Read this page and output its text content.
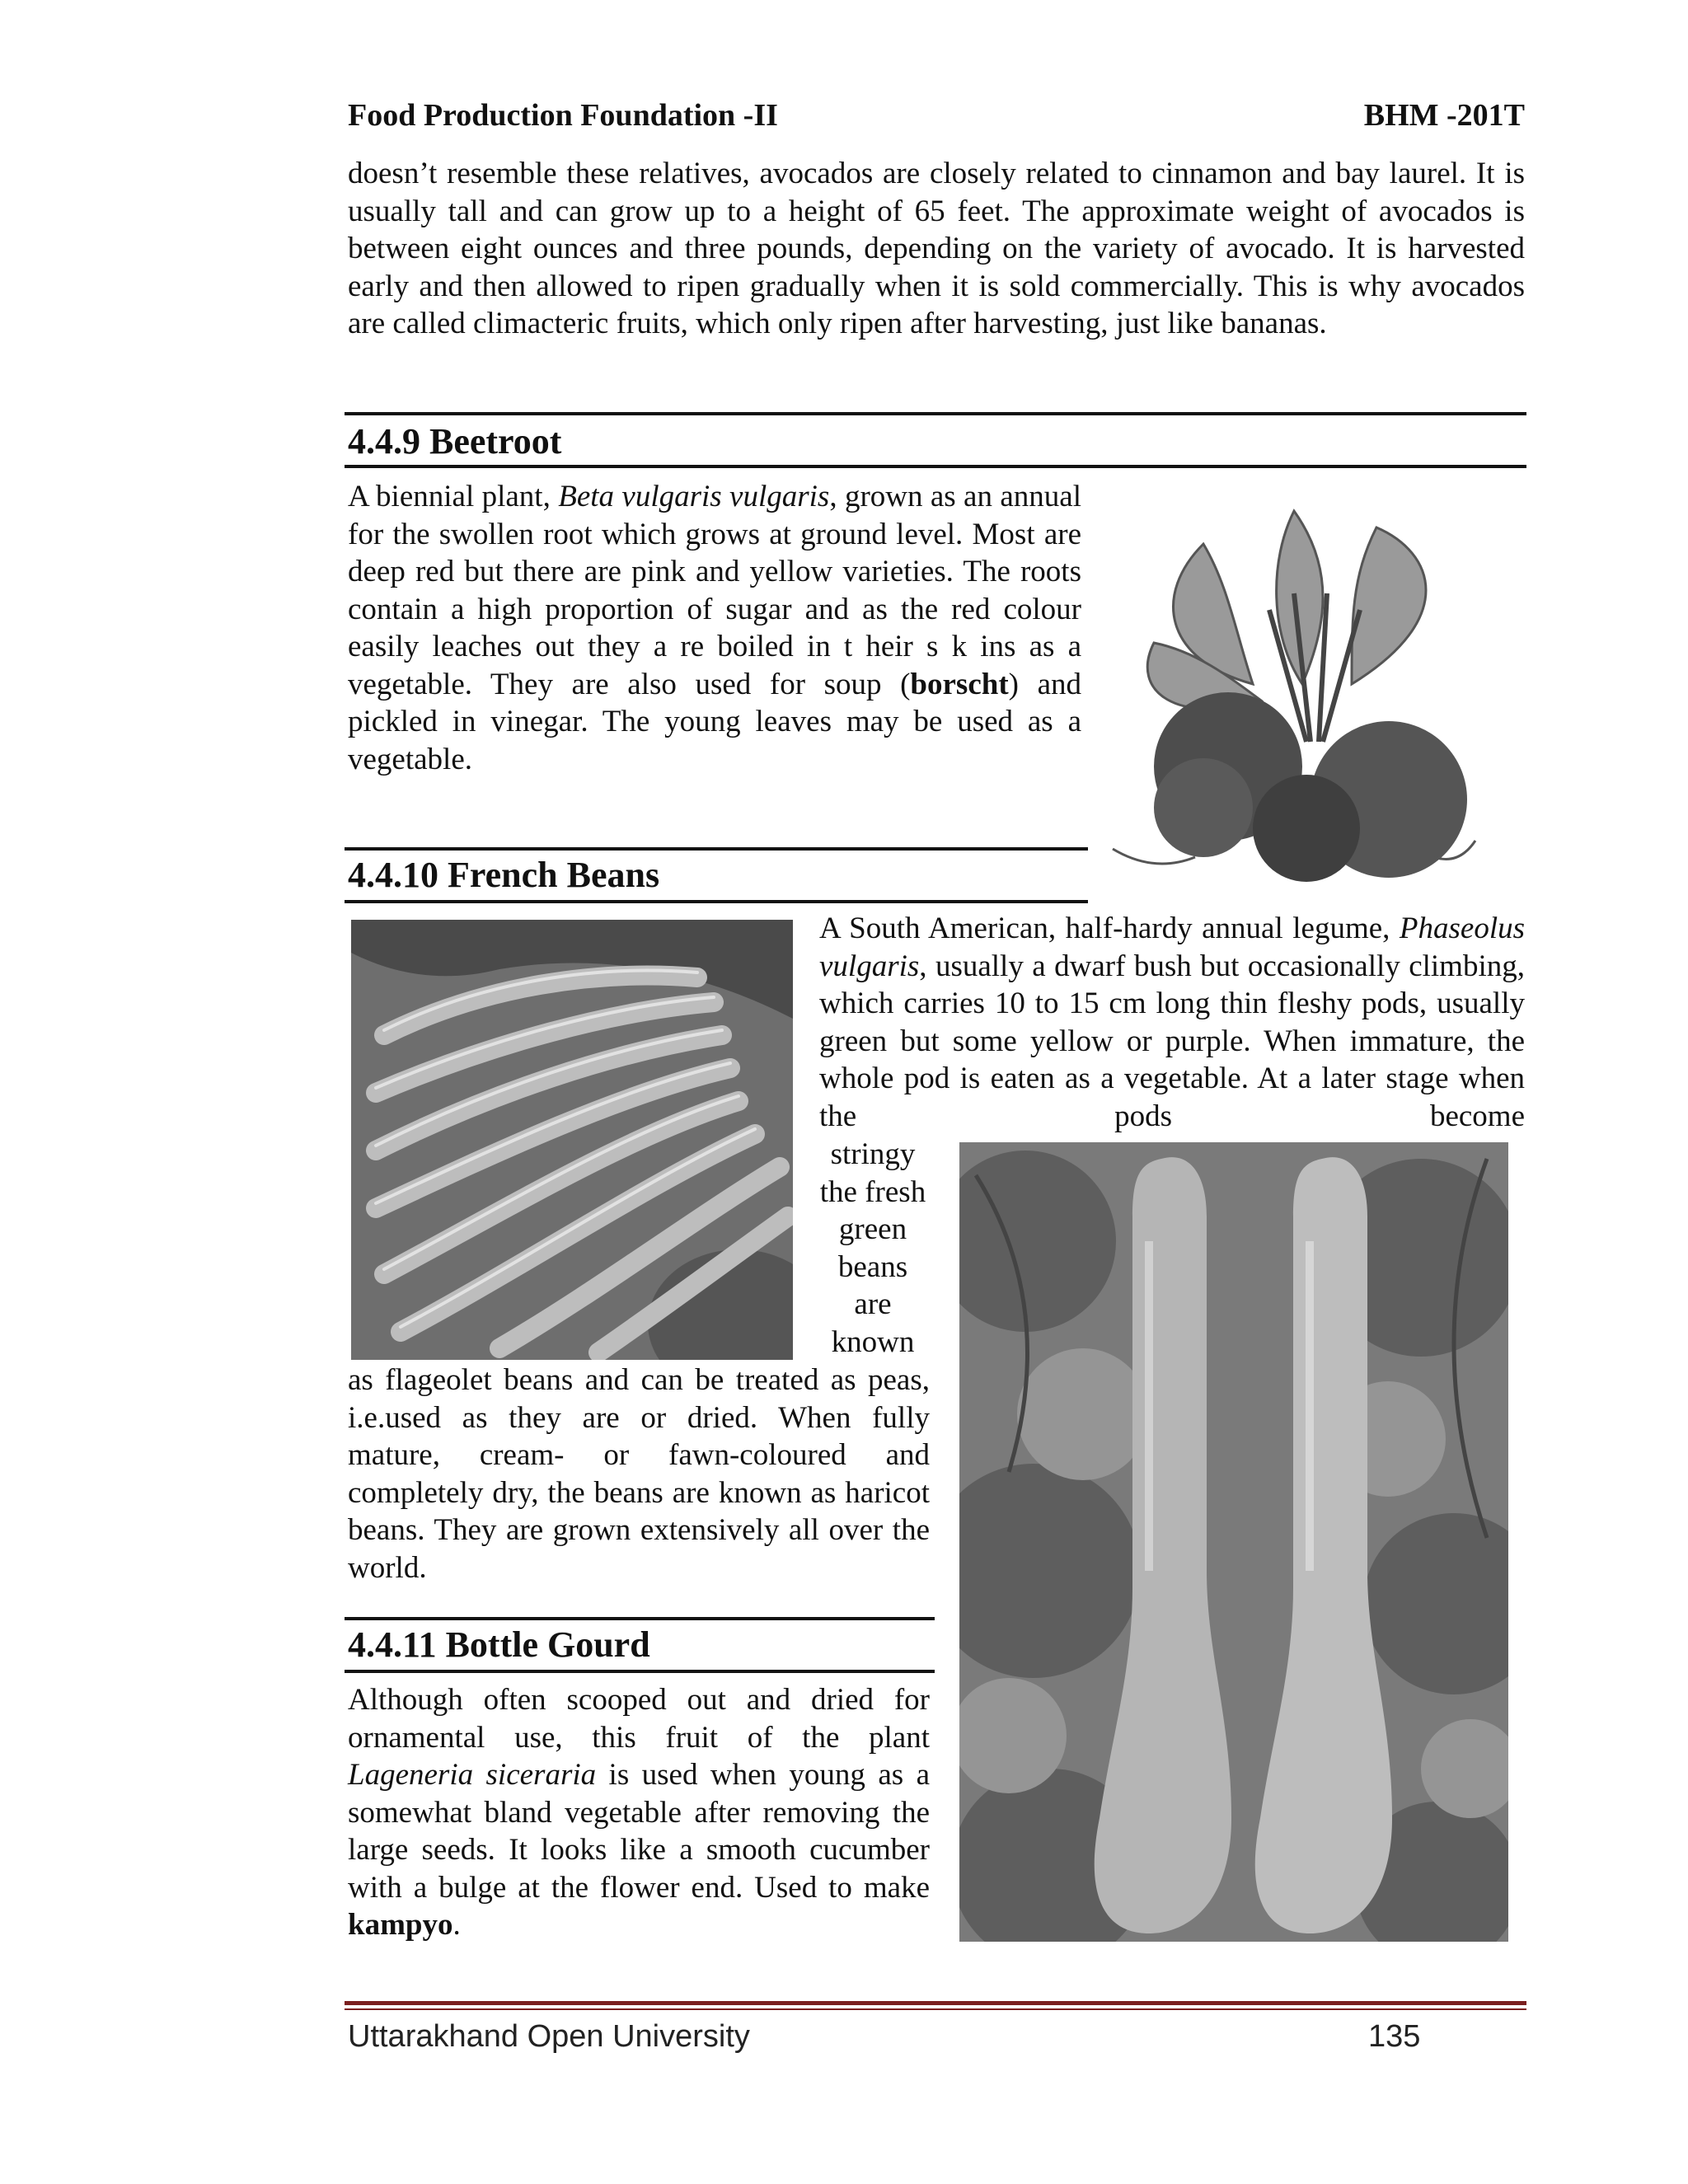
Food Production Foundation -II	BHM -201T

doesn’t resemble these relatives, avocados are closely related to cinnamon and bay laurel. It is usually tall and can grow up to a height of 65 feet. The approximate weight of avocados is between eight ounces and three pounds, depending on the variety of avocado. It is harvested early and then allowed to ripen gradually when it is sold commercially. This is why avocados are called climacteric fruits, which only ripen after harvesting, just like bananas.

4.4.9 Beetroot

A biennial plant, Beta vulgaris vulgaris, grown as an annual for the swollen root which grows at ground level. Most are deep red but there are pink and yellow varieties. The roots contain a high proportion of sugar and as the red colour easily leaches out they a re boiled in t heir s k ins as a vegetable. They are also used for soup (borscht) and pickled in vinegar. The young leaves may be used as a vegetable.

4.4.10 French Beans

A South American, half-hardy annual legume, Phaseolus vulgaris, usually a dwarf bush but occasionally climbing, which carries 10 to 15 cm long thin fleshy pods, usually green but some yellow or purple. When immature, the whole pod is eaten as a vegetable. At a later stage when the pods become

stringy
the fresh
green
beans
are
known

as flageolet beans and can be treated as peas, i.e.used as they are or dried. When fully mature, cream- or fawn-coloured and completely dry, the beans are known as haricot beans. They are grown extensively all over the world.

4.4.11 Bottle Gourd

Although often scooped out and dried for ornamental use, this fruit of the plant Lageneria siceraria is used when young as a somewhat bland vegetable after removing the large seeds. It looks like a smooth cucumber with a bulge at the flower end. Used to make kampyo.

Uttarakhand Open University	135
